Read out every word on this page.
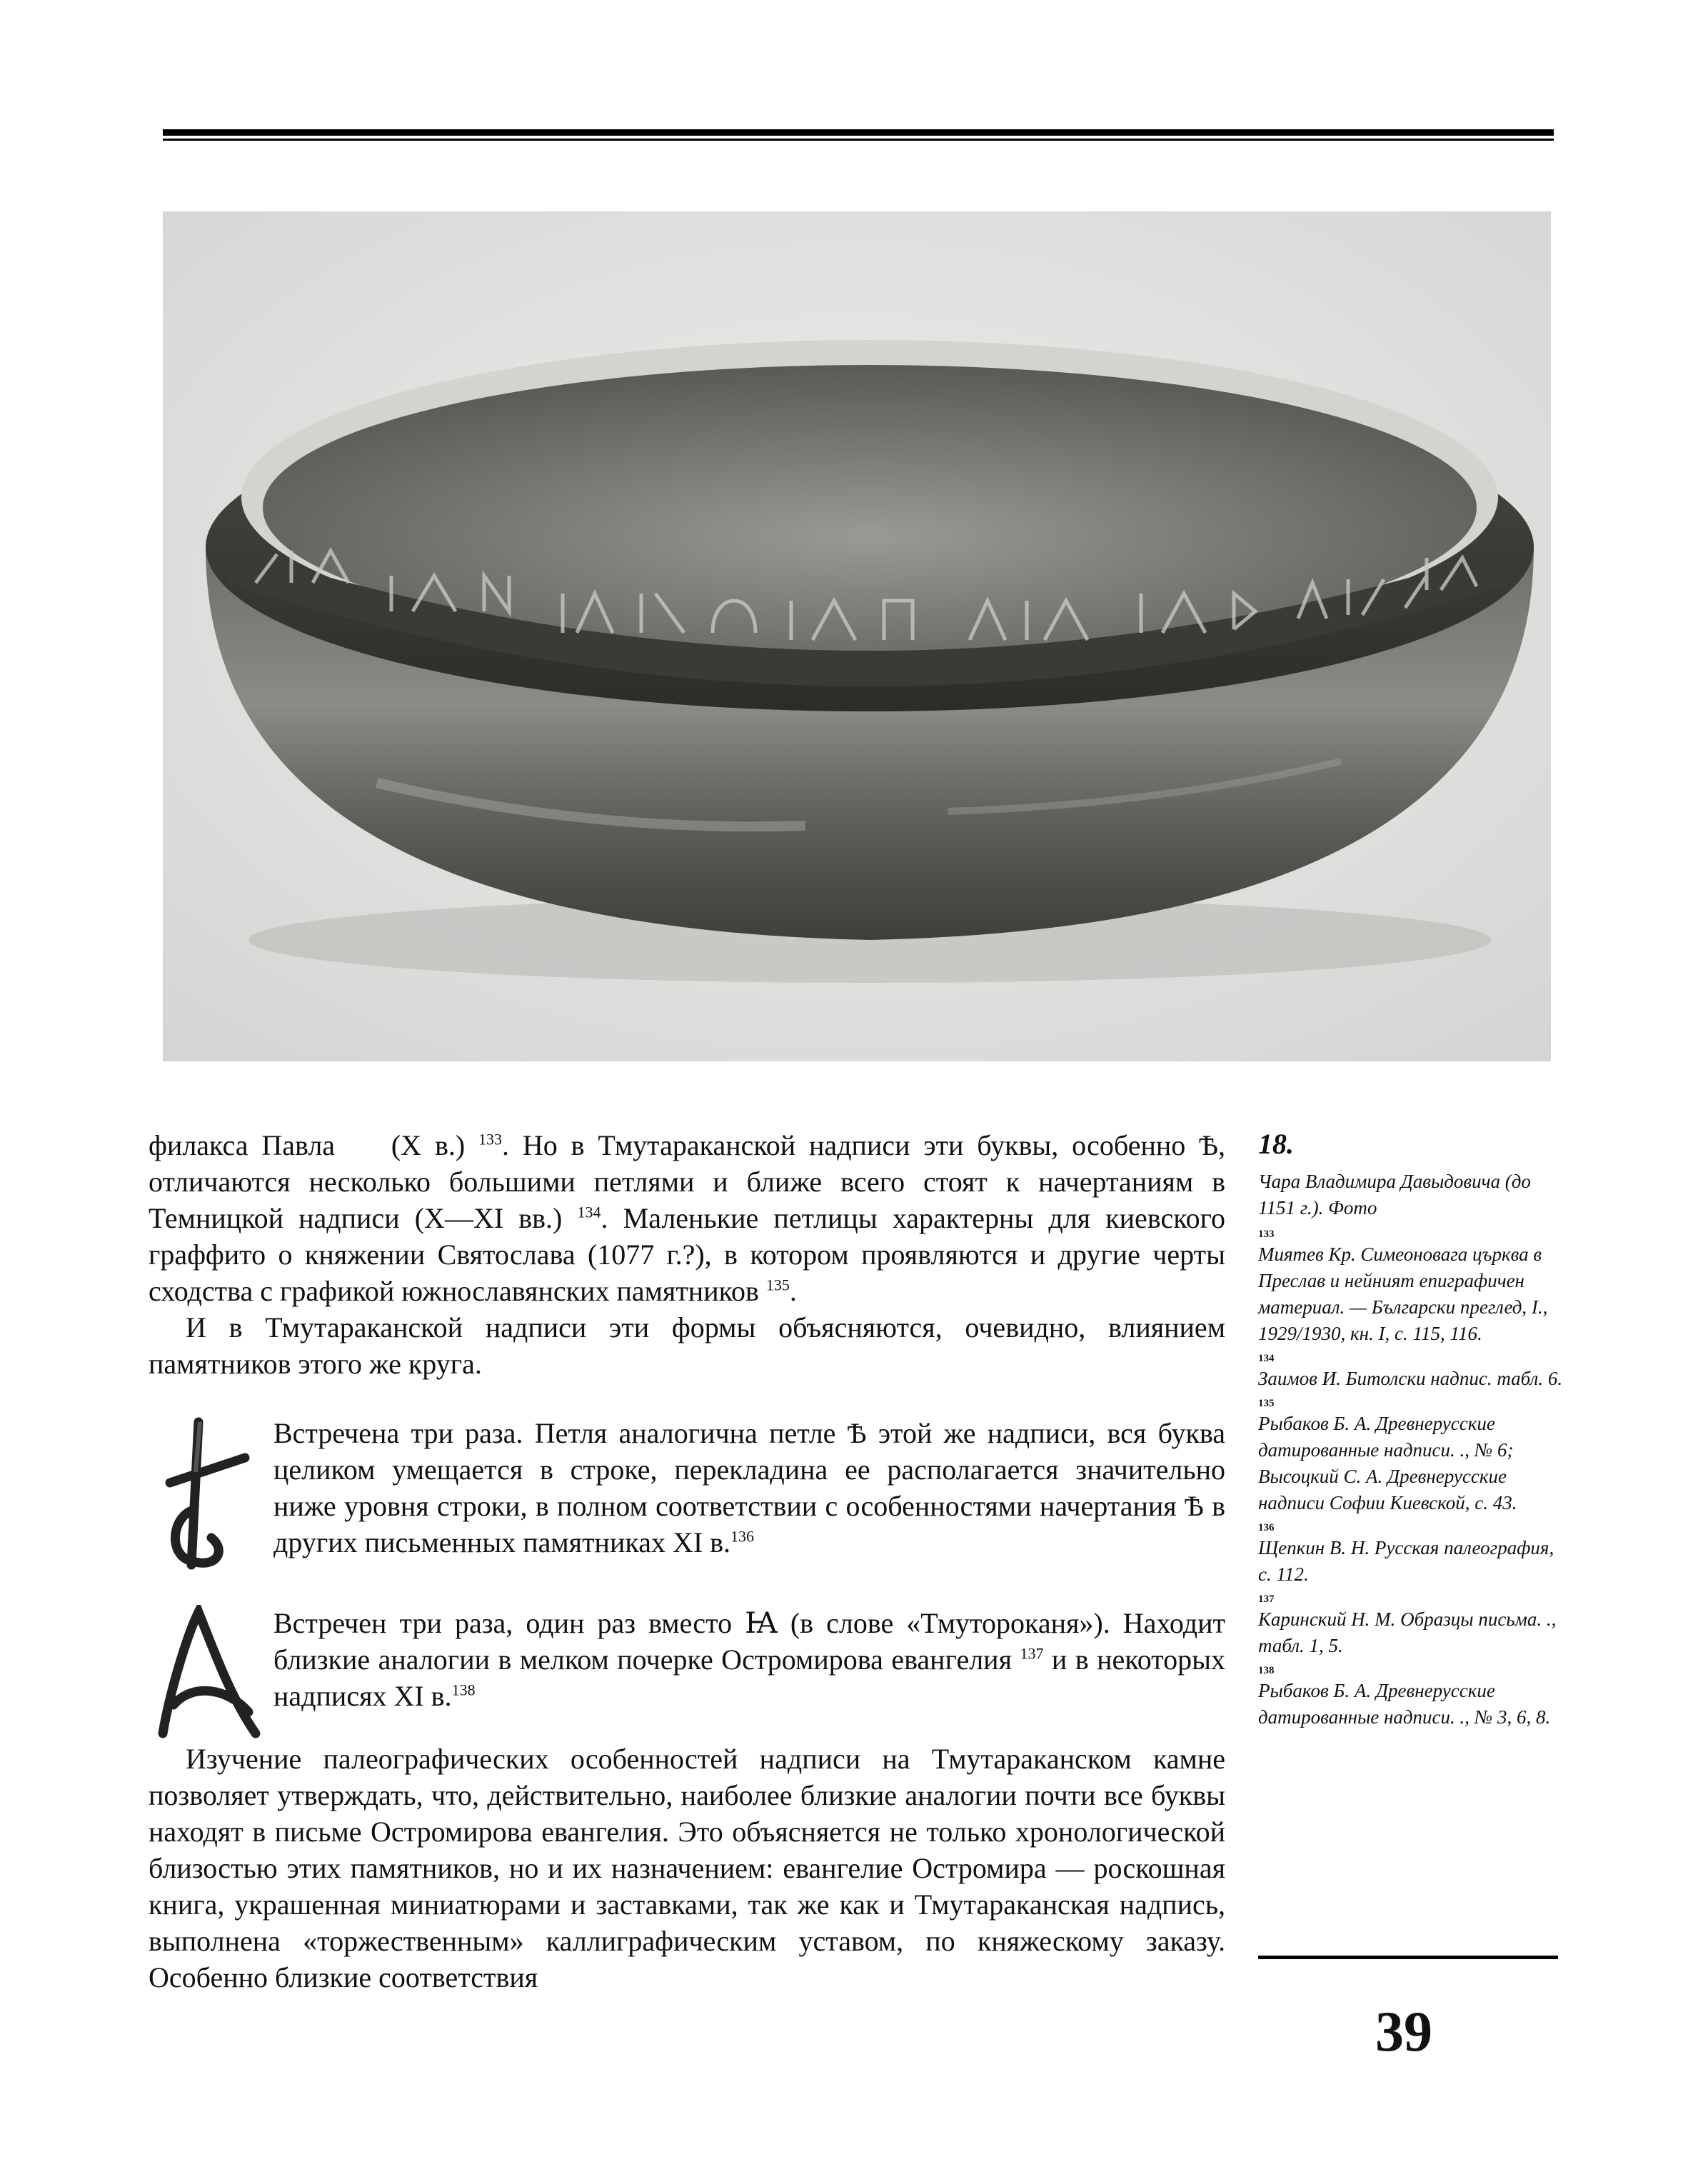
филакса Павла   (X в.) $^{133}$. Но в Тмутараканской надписи эти буквы, особенно Ѣ, отличаются несколько большими петлями и ближе всего стоят к начертаниям в Темницкой надписи (X—XI вв.) $^{134}$. Маленькие петлицы характерны для киевского граффито о княжении Святослава (1077 г.?), в котором проявляются и другие черты сходства с графикой южнославянских памятников $^{135}$.

И в Тмутараканской надписи эти формы объясняются, очевидно, влиянием памятников этого же круга.

Встречена три раза. Петля аналогична петле Ѣ этой же надписи, вся буква целиком умещается в строке, перекладина ее располагается значительно ниже уровня строки, в полном соответствии с особенностями начертания Ѣ в других письменных памятниках XI в.$^{136}$

Встречен три раза, один раз вместо Ꙗ (в слове «Тмутороканя»). Находит близкие аналогии в мелком почерке Остромирова евангелия $^{137}$ и в некоторых надписях XI в.$^{138}$

Изучение палеографических особенностей надписи на Тмутараканском камне позволяет утверждать, что, действительно, наиболее близкие аналогии почти все буквы находят в письме Остромирова евангелия. Это объясняется не только хронологической близостью этих памятников, но и их назначением: евангелие Остромира — роскошная книга, украшенная миниатюрами и заставками, так же как и Тмутараканская надпись, выполнена «торжественным» каллиграфическим уставом, по княжескому заказу. Особенно близкие соответствия

18.
Чара Владимира Давыдовича (до 1151 г.). Фото
133

Миятев Кр. Симеоновага църква в Преслав и нейният епиграфичен материал. — Български преглед, I., 1929/1930, кн. I, с. 115, 116.

134

Заимов И. Битолски надпис. табл. 6.

135

Рыбаков Б. А. Древнерусские датированные надписи. ., № 6; Высоцкий С. А. Древнерусские надписи Софии Киевской, с. 43.

136

Щепкин В. Н. Русская палеография, с. 112.

137

Каринский Н. М. Образцы письма. ., табл. 1, 5.

138

Рыбаков Б. А. Древнерусские датированные надписи. ., № 3, 6, 8.

39
